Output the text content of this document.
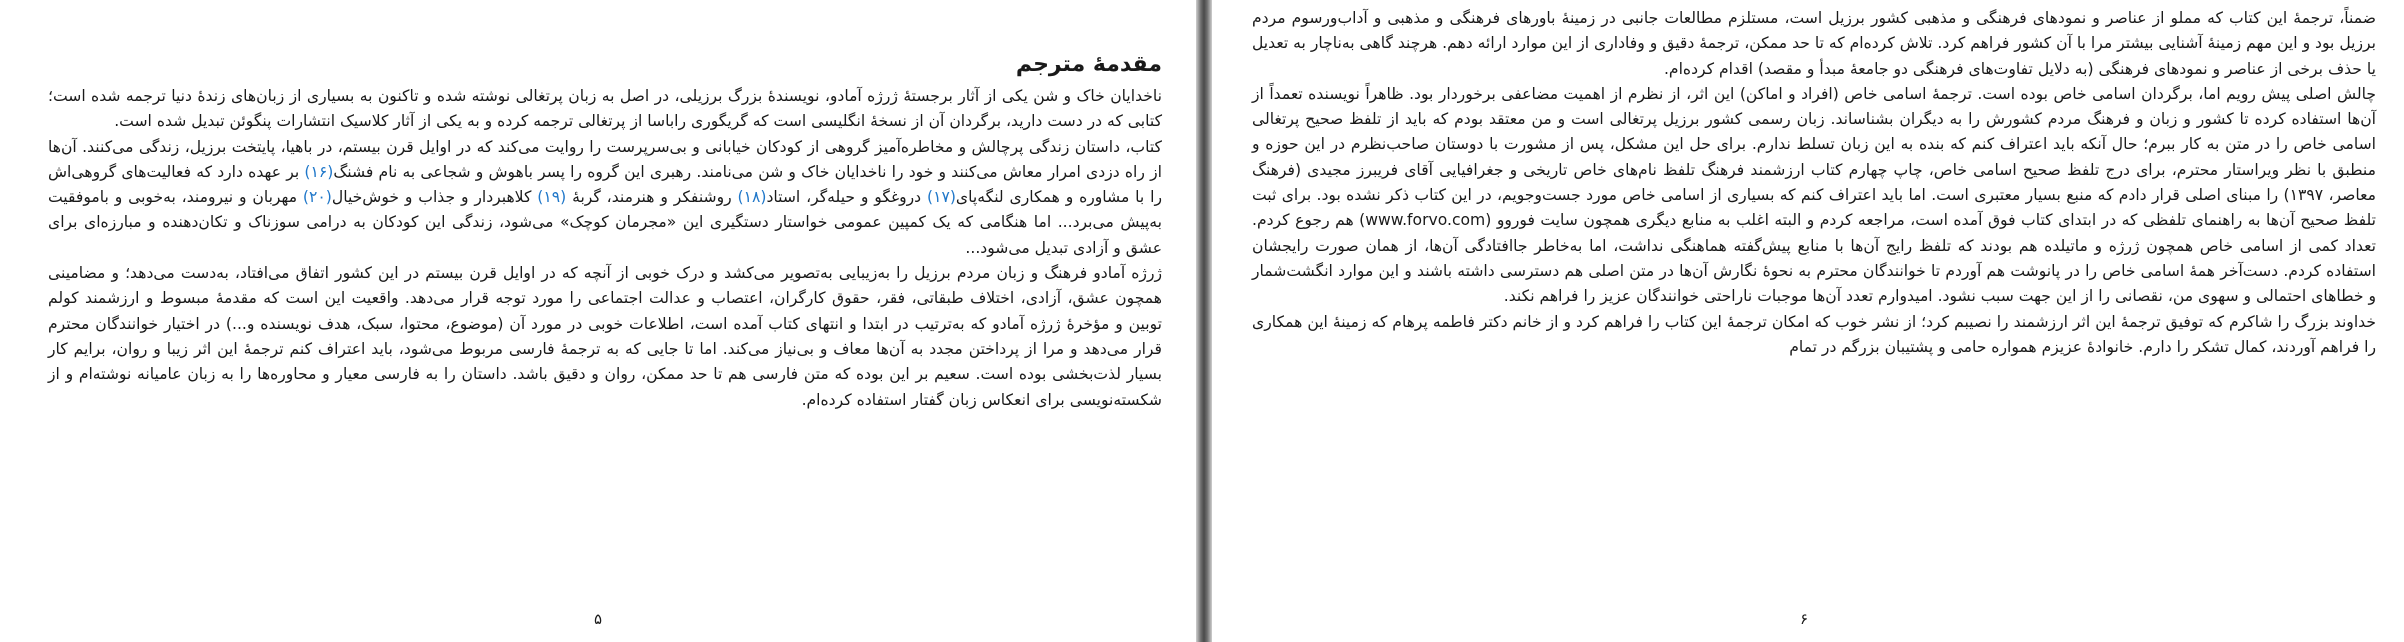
مقدمهٔ مترجم

ناخدایان خاک و شن یکی از آثار برجستهٔ ژرژه آمادو، نویسندهٔ بزرگ برزیلی، در اصل به زبان پرتغالی نوشته شده و تاکنون به بسیاری از زبان‌های زندهٔ دنیا ترجمه شده است؛ کتابی که در دست دارید، برگردان آن از نسخهٔ انگلیسی است که گریگوری راباسا از پرتغالی ترجمه کرده و به یکی از آثار کلاسیک انتشارات پنگوئن تبدیل شده است.

کتاب، داستان زندگی پرچالش و مخاطره‌آمیز گروهی از کودکان خیابانی و بی‌سرپرست را روایت می‌کند که در اوایل قرن بیستم، در باهیا، پایتخت برزیل، زندگی می‌کنند. آن‌ها از راه دزدی امرار معاش می‌کنند و خود را ناخدایان خاک و شن می‌نامند. رهبری این گروه را پسر باهوش و شجاعی به نام فشنگ(۱۶) بر عهده دارد که فعالیت‌های گروهی‌اش را با مشاوره و همکاری لنگه‌پای(۱۷) دروغگو و حیله‌گر، استاد(۱۸) روشنفکر و هنرمند، گربهٔ (۱۹) کلاهبردار و جذاب و خوش‌خیال(۲۰) مهربان و نیرومند، به‌خوبی و باموفقیت به‌پیش می‌برد... اما هنگامی که یک کمپین عمومی خواستار دستگیری این «مجرمان کوچک» می‌شود، زندگی این کودکان به درامی سوزناک و تکان‌دهنده و مبارزه‌ای برای عشق و آزادی تبدیل می‌شود...

ژرژه آمادو فرهنگ و زبان مردم برزیل را به‌زیبایی به‌تصویر می‌کشد و درک خوبی از آنچه که در اوایل قرن بیستم در این کشور اتفاق می‌افتاد، به‌دست می‌دهد؛ و مضامینی همچون عشق، آزادی، اختلاف طبقاتی، فقر، حقوق کارگران، اعتصاب و عدالت اجتماعی را مورد توجه قرار می‌دهد. واقعیت این است که مقدمهٔ مبسوط و ارزشمند کولم توبین و مؤخرهٔ ژرژه آمادو که به‌ترتیب در ابتدا و انتهای کتاب آمده است، اطلاعات خوبی در مورد آن (موضوع، محتوا، سبک، هدف نویسنده و...) در اختیار خوانندگان محترم قرار می‌دهد و مرا از پرداختن مجدد به آن‌ها معاف و بی‌نیاز می‌کند. اما تا جایی که به ترجمهٔ فارسی مربوط می‌شود، باید اعتراف کنم ترجمهٔ این اثر زیبا و روان، برایم کار بسیار لذت‌بخشی بوده است. سعیم بر این بوده که متن فارسی هم تا حد ممکن، روان و دقیق باشد. داستان را به فارسی معیار و محاوره‌ها را به زبان عامیانه نوشته‌ام و از شکسته‌نویسی برای انعکاس زبان گفتار استفاده کرده‌ام.

۵

ضمناً، ترجمهٔ این کتاب که مملو از عناصر و نمودهای فرهنگی و مذهبی کشور برزیل است، مستلزم مطالعات جانبی در زمینهٔ باورهای فرهنگی و مذهبی و آداب‌ورسوم مردم برزیل بود و این مهم زمینهٔ آشنایی بیشتر مرا با آن کشور فراهم کرد. تلاش کرده‌ام که تا حد ممکن، ترجمهٔ دقیق و وفاداری از این موارد ارائه دهم. هرچند گاهی به‌ناچار به تعدیل یا حذف برخی از عناصر و نمودهای فرهنگی (به دلایل تفاوت‌های فرهنگی دو جامعهٔ مبدأ و مقصد) اقدام کرده‌ام.

چالش اصلی پیش رویم اما، برگردان اسامی خاص بوده است. ترجمهٔ اسامی خاص (افراد و اماکن) این اثر، از نظرم از اهمیت مضاعفی برخوردار بود. ظاهراً نویسنده تعمداً از آن‌ها استفاده کرده تا کشور و زبان و فرهنگ مردم کشورش را به دیگران بشناساند. زبان رسمی کشور برزیل پرتغالی است و من معتقد بودم که باید از تلفظ صحیح پرتغالی اسامی خاص را در متن به کار ببرم؛ حال آنکه باید اعتراف کنم که بنده به این زبان تسلط ندارم. برای حل این مشکل، پس از مشورت با دوستان صاحب‌نظرم در این حوزه و منطبق با نظر ویراستار محترم، برای درج تلفظ صحیح اسامی خاص، چاپ چهارم کتاب ارزشمند فرهنگ تلفظ نام‌های خاص تاریخی و جغرافیایی آقای فریبرز مجیدی (فرهنگ معاصر، ۱۳۹۷) را مبنای اصلی قرار دادم که منبع بسیار معتبری است. اما باید اعتراف کنم که بسیاری از اسامی خاص مورد جست‌وجویم، در این کتاب ذکر نشده بود. برای ثبت تلفظ صحیح آن‌ها به راهنمای تلفظی که در ابتدای کتاب فوق آمده است، مراجعه کردم و البته اغلب به منابع دیگری همچون سایت فوروو (www.forvo.com) هم رجوع کردم. تعداد کمی از اسامی خاص همچون ژرژه و ماتیلده هم بودند که تلفظ رایج آن‌ها با منابع پیش‌گفته هماهنگی نداشت، اما به‌خاطر جاافتادگی آن‌ها، از همان صورت رایجشان استفاده کردم. دست‌آخر همهٔ اسامی خاص را در پانوشت هم آوردم تا خوانندگان محترم به نحوهٔ نگارش آن‌ها در متن اصلی هم دسترسی داشته باشند و این موارد انگشت‌شمار و خطاهای احتمالی و سهوی من، نقصانی را از این جهت سبب نشود. امیدوارم تعدد آن‌ها موجبات ناراحتی خوانندگان عزیز را فراهم نکند.

خداوند بزرگ را شاکرم که توفیق ترجمهٔ این اثر ارزشمند را نصیبم کرد؛ از نشر خوب که امکان ترجمهٔ این کتاب را فراهم کرد و از خانم دکتر فاطمه پرهام که زمینهٔ این همکاری را فراهم آوردند، کمال تشکر را دارم. خانوادهٔ عزیزم همواره حامی و پشتیبان بزرگم در تمام

۶
